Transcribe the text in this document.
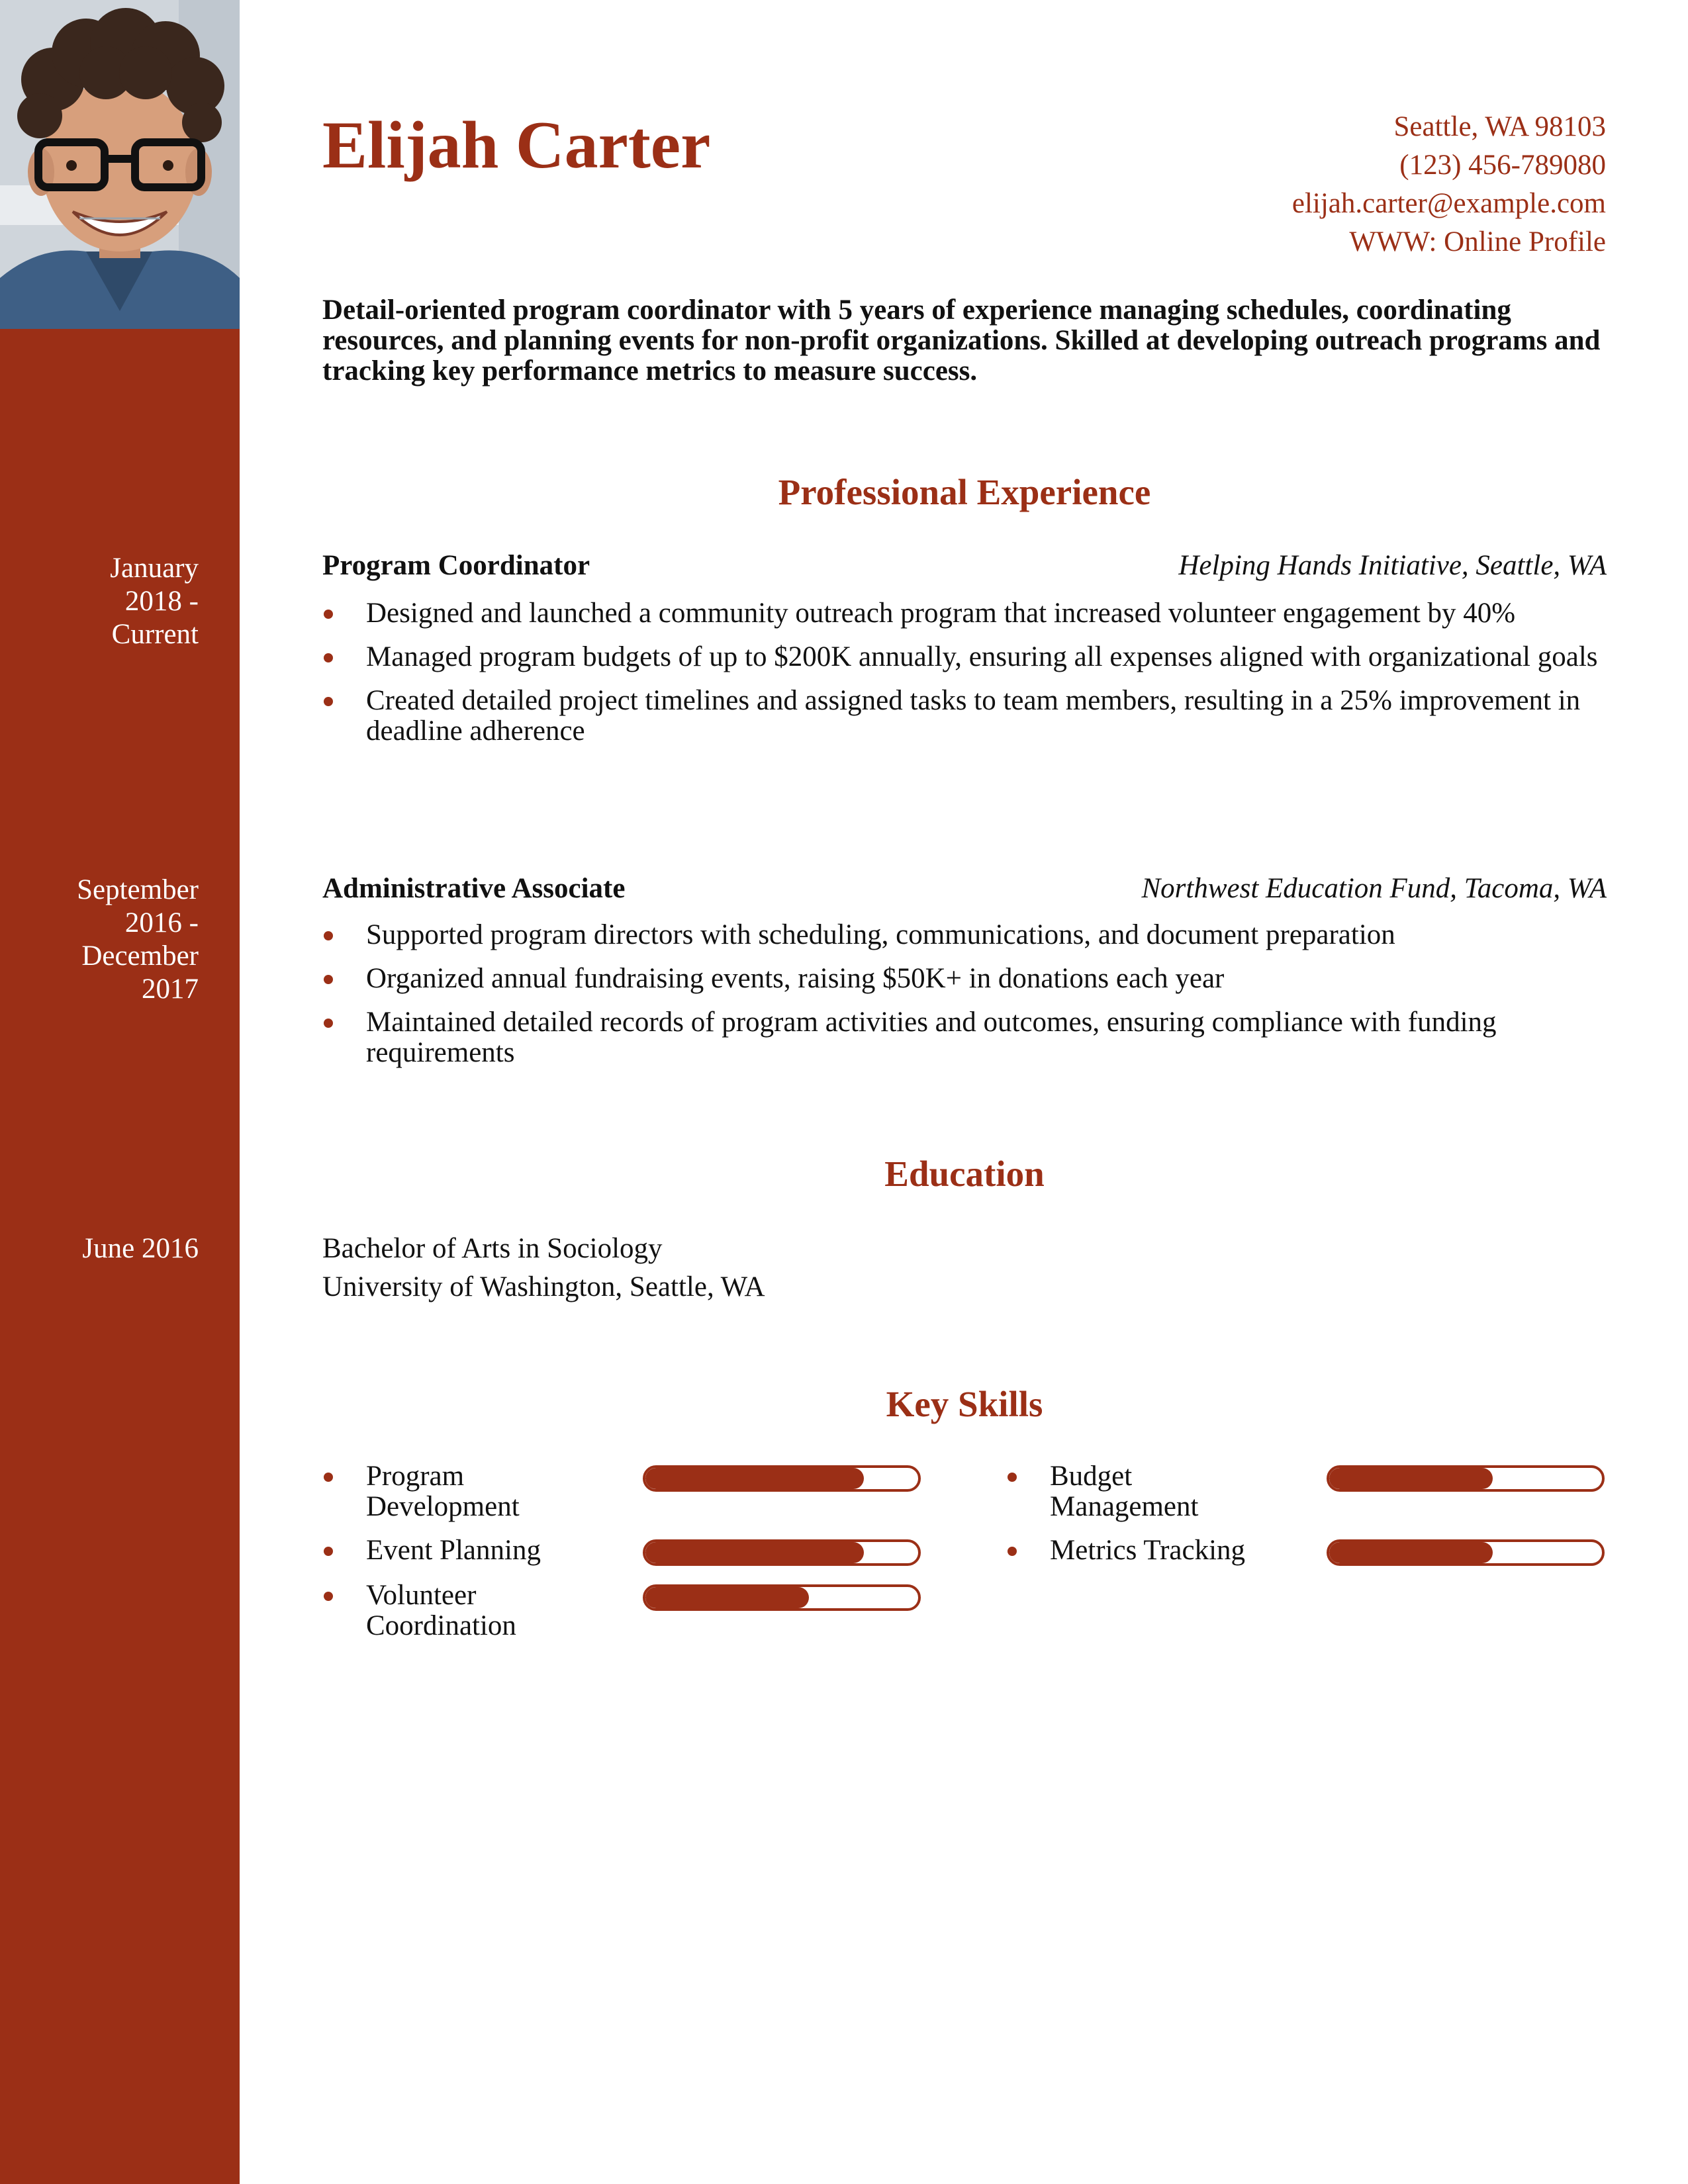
January
2018 -
Current
September
2016 -
December
2017
June 2016
Elijah Carter	Seattle, WA 98103
(123) 456-789080
elijah.carter@example.com
WWW: Online Profile
Detail-oriented program coordinator with 5 years of experience managing schedules, coordinating resources, and planning events for non-profit organizations. Skilled at developing outreach programs and tracking key performance metrics to measure success.
Professional Experience
Program Coordinator	Helping Hands Initiative, Seattle, WA
Designed and launched a community outreach program that increased volunteer engagement by 40%
Managed program budgets of up to $200K annually, ensuring all expenses aligned with organizational goals
Created detailed project timelines and assigned tasks to team members, resulting in a 25% improvement in deadline adherence
Administrative Associate	Northwest Education Fund, Tacoma, WA
Supported program directors with scheduling, communications, and document preparation
Organized annual fundraising events, raising $50K+ in donations each year
Maintained detailed records of program activities and outcomes, ensuring compliance with funding requirements
Education
Bachelor of Arts in Sociology
University of Washington, Seattle, WA
Key Skills
Program Development
Event Planning
Volunteer Coordination
Budget Management
Metrics Tracking
